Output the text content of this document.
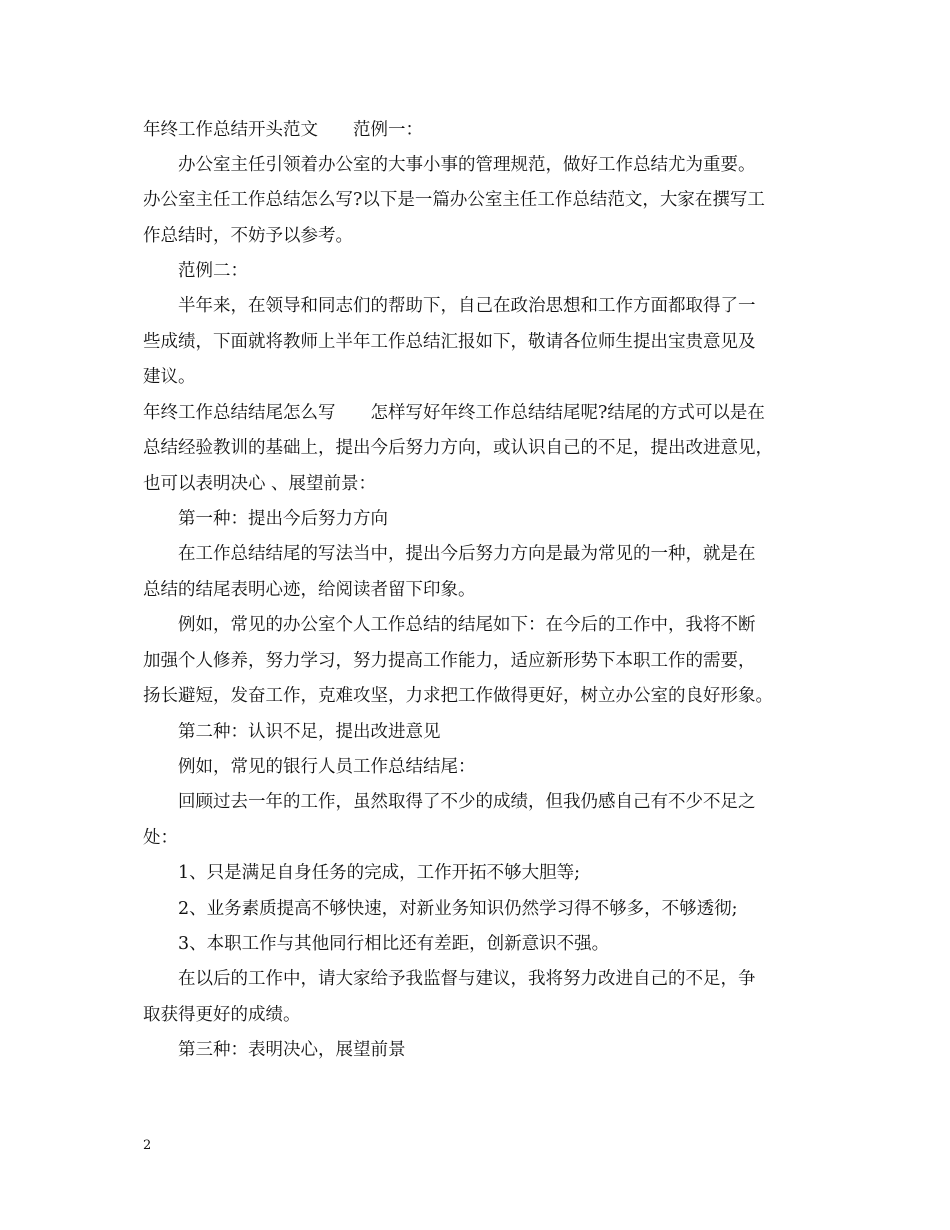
年终工作总结开头范文　　范例一：
办公室主任引领着办公室的大事小事的管理规范，做好工作总结尤为重要。
办公室主任工作总结怎么写?以下是一篇办公室主任工作总结范文，大家在撰写工
作总结时，不妨予以参考。
范例二：
半年来，在领导和同志们的帮助下，自己在政治思想和工作方面都取得了一
些成绩，下面就将教师上半年工作总结汇报如下，敬请各位师生提出宝贵意见及
建议。
年终工作总结结尾怎么写　　怎样写好年终工作总结结尾呢?结尾的方式可以是在
总结经验教训的基础上，提出今后努力方向，或认识自己的不足，提出改进意见，
也可以表明决心 、展望前景：
第一种：提出今后努力方向
在工作总结结尾的写法当中，提出今后努力方向是最为常见的一种，就是在
总结的结尾表明心迹，给阅读者留下印象。
例如，常见的办公室个人工作总结的结尾如下：在今后的工作中，我将不断
加强个人修养，努力学习，努力提高工作能力，适应新形势下本职工作的需要，
扬长避短，发奋工作，克难攻坚，力求把工作做得更好，树立办公室的良好形象。
第二种：认识不足，提出改进意见
例如，常见的银行人员工作总结结尾：
回顾过去一年的工作，虽然取得了不少的成绩，但我仍感自己有不少不足之
处：
1、只是满足自身任务的完成，工作开拓不够大胆等;
2、业务素质提高不够快速，对新业务知识仍然学习得不够多，不够透彻;
3、本职工作与其他同行相比还有差距，创新意识不强。
在以后的工作中，请大家给予我监督与建议，我将努力改进自己的不足，争
取获得更好的成绩。
第三种：表明决心，展望前景
2
